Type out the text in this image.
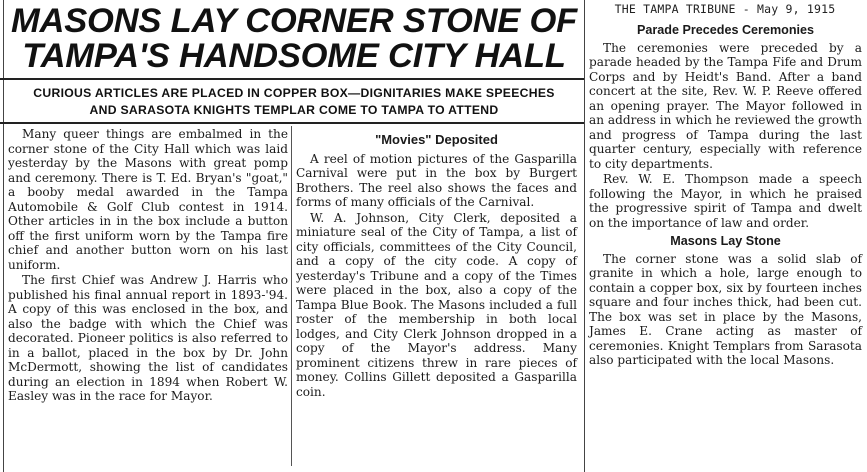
MASONS LAY CORNER STONE OF
TAMPA'S HANDSOME CITY HALL
CURIOUS ARTICLES ARE PLACED IN COPPER BOX—DIGNITARIES MAKE SPEECHES
AND SARASOTA KNIGHTS TEMPLAR COME TO TAMPA TO ATTEND

Many queer things are embalmed in the corner stone of the City Hall which was laid yesterday by the Masons with great pomp and ceremony. There is T. Ed. Bryan's "goat," a booby medal awarded in the Tampa Automobile & Golf Club contest in 1914. Other articles in in the box include a button off the first uniform worn by the Tampa fire chief and another button worn on his last uniform.

The first Chief was Andrew J. Harris who published his final annual report in 1893-'94. A copy of this was enclosed in the box, and also the badge with which the Chief was decorated. Pioneer politics is also referred to in a ballot, placed in the box by Dr. John McDermott, showing the list of candidates during an election in 1894 when Robert W. Easley was in the race for Mayor.

"Movies" Deposited

A reel of motion pictures of the Gasparilla Carnival were put in the box by Burgert Brothers. The reel also shows the faces and forms of many officials of the Carnival.

W. A. Johnson, City Clerk, deposited a miniature seal of the City of Tampa, a list of city officials, committees of the City Council, and a copy of the city code. A copy of yesterday's Tribune and a copy of the Times were placed in the box, also a copy of the Tampa Blue Book. The Masons included a full roster of the membership in both local lodges, and City Clerk Johnson dropped in a copy of the Mayor's address. Many prominent citizens threw in rare pieces of money. Collins Gillett deposited a Gasparilla coin.

THE TAMPA TRIBUNE - May 9, 1915
Parade Precedes Ceremonies

The ceremonies were preceded by a parade headed by the Tampa Fife and Drum Corps and by Heidt's Band. After a band concert at the site, Rev. W. P. Reeve offered an opening prayer. The Mayor followed in an address in which he reviewed the growth and progress of Tampa during the last quarter century, especially with reference to city departments.

Rev. W. E. Thompson made a speech following the Mayor, in which he praised the progressive spirit of Tampa and dwelt on the importance of law and order.

Masons Lay Stone

The corner stone was a solid slab of granite in which a hole, large enough to contain a copper box, six by fourteen inches square and four inches thick, had been cut. The box was set in place by the Masons, James E. Crane acting as master of ceremonies. Knight Templars from Sarasota also participated with the local Masons.
